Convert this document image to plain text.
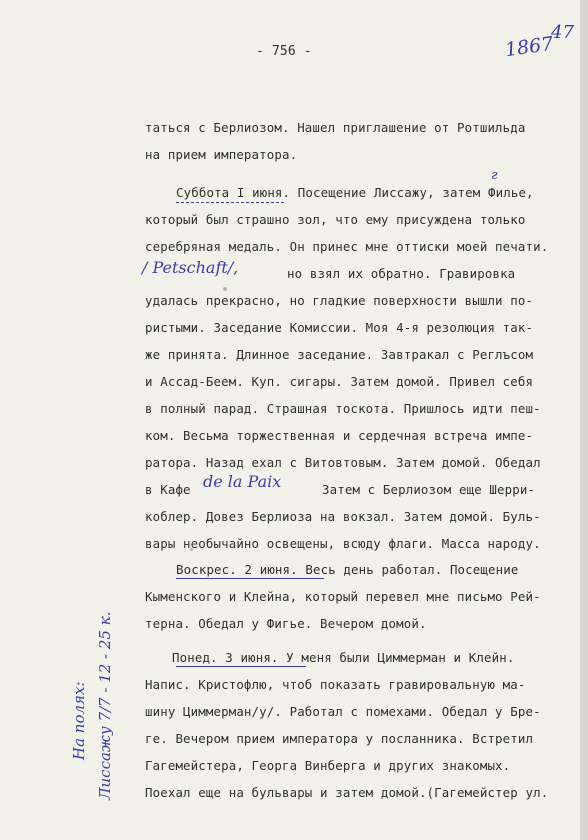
- 756 -	1867
47
таться с Берлиозом. Нашел приглашение от Ротшильда
на прием императора.
Суббота I июня. Посещение Лиссажу, затем Филье,
г
который был страшно зол, что ему присуждена только
серебряная медаль. Он принес мне оттиски моей печати.
/ Petschaft/,	но взял их обратно. Гравировка
удалась прекрасно, но гладкие поверхности вышли по-
ристыми. Заседание Комиссии. Моя 4-я резолюция так-
же принята. Длинное заседание. Завтракал с Реглъсом
и Ассад-Беем. Куп. сигары. Затем домой. Привел себя
в полный парад. Страшная тоскота. Пришлось идти пеш-
ком. Весьма торжественная и сердечная встреча импе-
ратора. Назад ехал с Витовтовым. Затем домой. Обедал
в Кафе de la Paix	Затем с Берлиозом еще Шерри-
коблер. Довез Берлиоза на вокзал. Затем домой. Буль-
вары необычайно освещены, всюду флаги. Масса народу.
Воскрес. 2 июня. Весь день работал. Посещение
Кыменского и Клейна, который перевел мне письмо Рей-
терна. Обедал у Фигье. Вечером домой.
Понед. 3 июня. У меня были Циммерман и Клейн.
Напис. Кристофлю, чтоб показать гравировальную ма-
шину Циммерман/у/. Работал с помехами. Обедал у Бре-
ге. Вечером прием императора у посланника. Встретил
Гагемейстера, Георга Винберга и других знакомых.
Поехал еще на бульвары и затем домой.(Гагемейстер ул.
На полях: Лиссажу 7/7 - 12 - 25 к.
